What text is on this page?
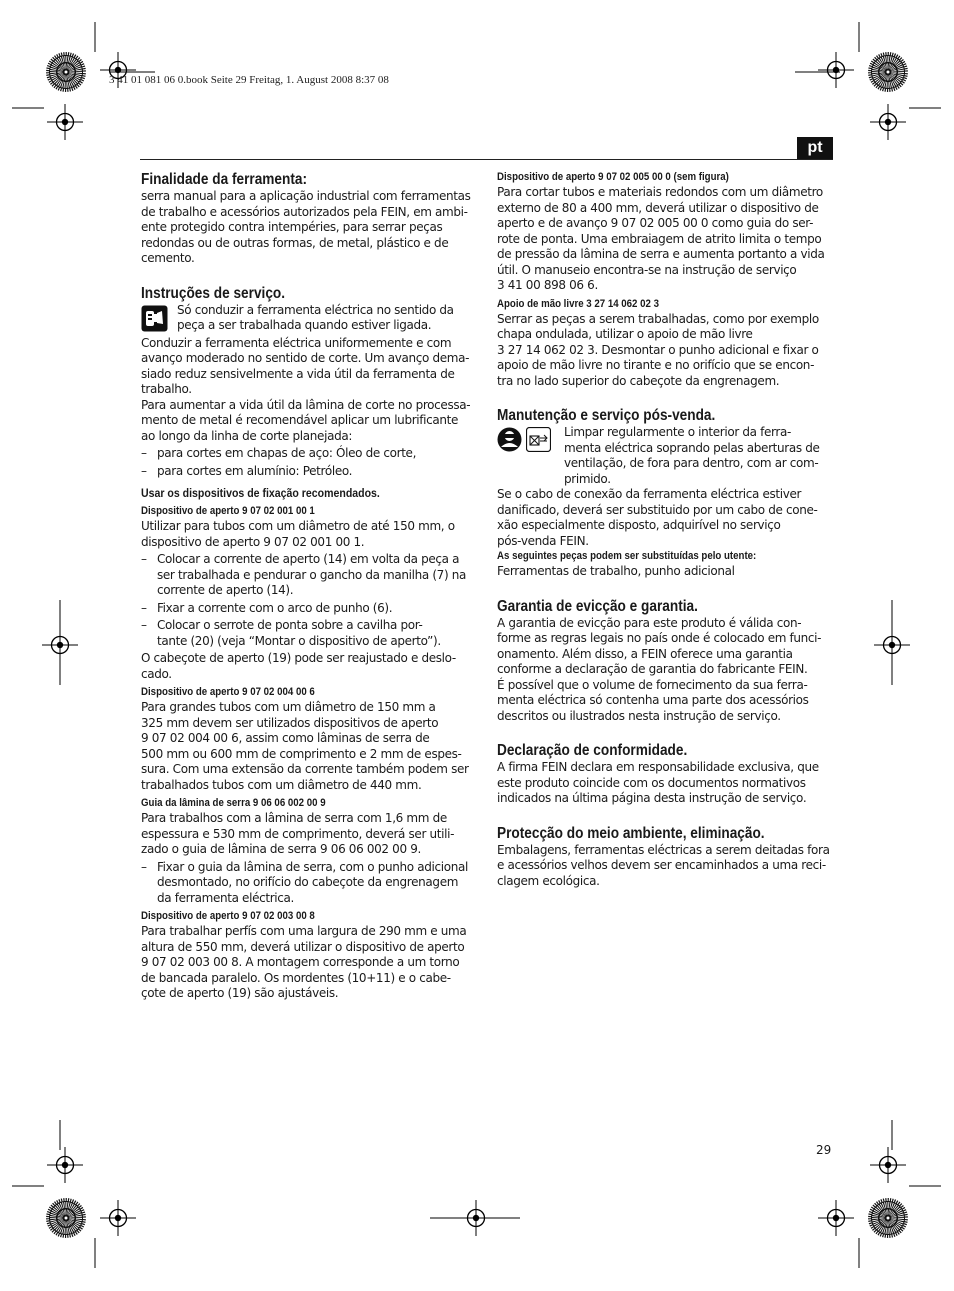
3 41 01 081 06 0.book Seite 29 Freitag, 1. August 2008 8:37 08
pt
Finalidade da ferramenta:
serra manual para a aplicação industrial com ferramentas
de trabalho e acessórios autorizados pela FEIN, em ambi-
ente protegido contra intempéries, para serrar peças
redondas ou de outras formas, de metal, plástico e de
cemento.
Instruções de serviço.
Só conduzir a ferramenta eléctrica no sentido da
peça a ser trabalhada quando estiver ligada.
Conduzir a ferramenta eléctrica uniformemente e com
avanço moderado no sentido de corte. Um avanço dema-
siado reduz sensivelmente a vida útil da ferramenta de
trabalho.
Para aumentar a vida útil da lâmina de corte no processa-
mento de metal é recomendável aplicar um lubrificante
ao longo da linha de corte planejada:
– para cortes em chapas de aço: Óleo de corte,
– para cortes em alumínio: Petróleo.
Usar os dispositivos de fixação recomendados.
Dispositivo de aperto 9 07 02 001 00 1
Utilizar para tubos com um diâmetro de até 150 mm, o
dispositivo de aperto 9 07 02 001 00 1.
– Colocar a corrente de aperto (14) em volta da peça a
ser trabalhada e pendurar o gancho da manilha (7) na
corrente de aperto (14).
– Fixar a corrente com o arco de punho (6).
– Colocar o serrote de ponta sobre a cavilha por-
tante (20) (veja “Montar o dispositivo de aperto”).
O cabeçote de aperto (19) pode ser reajustado e deslo-
cado.
Dispositivo de aperto 9 07 02 004 00 6
Para grandes tubos com um diâmetro de 150 mm a
325 mm devem ser utilizados dispositivos de aperto
9 07 02 004 00 6, assim como lâminas de serra de
500 mm ou 600 mm de comprimento e 2 mm de espes-
sura. Com uma extensão da corrente também podem ser
trabalhados tubos com um diâmetro de 440 mm.
Guia da lâmina de serra 9 06 06 002 00 9
Para trabalhos com a lâmina de serra com 1,6 mm de
espessura e 530 mm de comprimento, deverá ser utili-
zado o guia de lâmina de serra 9 06 06 002 00 9.
– Fixar o guia da lâmina de serra, com o punho adicional
desmontado, no orifício do cabeçote da engrenagem
da ferramenta eléctrica.
Dispositivo de aperto 9 07 02 003 00 8
Para trabalhar perfís com uma largura de 290 mm e uma
altura de 550 mm, deverá utilizar o dispositivo de aperto
9 07 02 003 00 8. A montagem corresponde a um torno
de bancada paralelo. Os mordentes (10+11) e o cabe-
çote de aperto (19) são ajustáveis.
Dispositivo de aperto 9 07 02 005 00 0 (sem figura)
Para cortar tubos e materiais redondos com um diâmetro
externo de 80 a 400 mm, deverá utilizar o dispositivo de
aperto e de avanço 9 07 02 005 00 0 como guia do ser-
rote de ponta. Uma embraiagem de atrito limita o tempo
de pressão da lâmina de serra e aumenta portanto a vida
útil. O manuseio encontra-se na instrução de serviço
3 41 00 898 06 6.
Apoio de mão livre 3 27 14 062 02 3
Serrar as peças a serem trabalhadas, como por exemplo
chapa ondulada, utilizar o apoio de mão livre
3 27 14 062 02 3. Desmontar o punho adicional e fixar o
apoio de mão livre no tirante e no orifício que se encon-
tra no lado superior do cabeçote da engrenagem.
Manutenção e serviço pós-venda.
Limpar regularmente o interior da ferra-
menta eléctrica soprando pelas aberturas de
ventilação, de fora para dentro, com ar com-
primido.
Se o cabo de conexão da ferramenta eléctrica estiver
danificado, deverá ser substituido por um cabo de cone-
xão especialmente disposto, adquirível no serviço
pós-venda FEIN.
As seguintes peças podem ser substituídas pelo utente:
Ferramentas de trabalho, punho adicional
Garantia de evicção e garantia.
A garantia de evicção para este produto é válida con-
forme as regras legais no país onde é colocado em funci-
onamento. Além disso, a FEIN oferece uma garantia
conforme a declaração de garantia do fabricante FEIN.
É possível que o volume de fornecimento da sua ferra-
menta eléctrica só contenha uma parte dos acessórios
descritos ou ilustrados nesta instrução de serviço.
Declaração de conformidade.
A firma FEIN declara em responsabilidade exclusiva, que
este produto coincide com os documentos normativos
indicados na última página desta instrução de serviço.
Protecção do meio ambiente, eliminação.
Embalagens, ferramentas eléctricas a serem deitadas fora
e acessórios velhos devem ser encaminhados a uma reci-
clagem ecológica.
29
